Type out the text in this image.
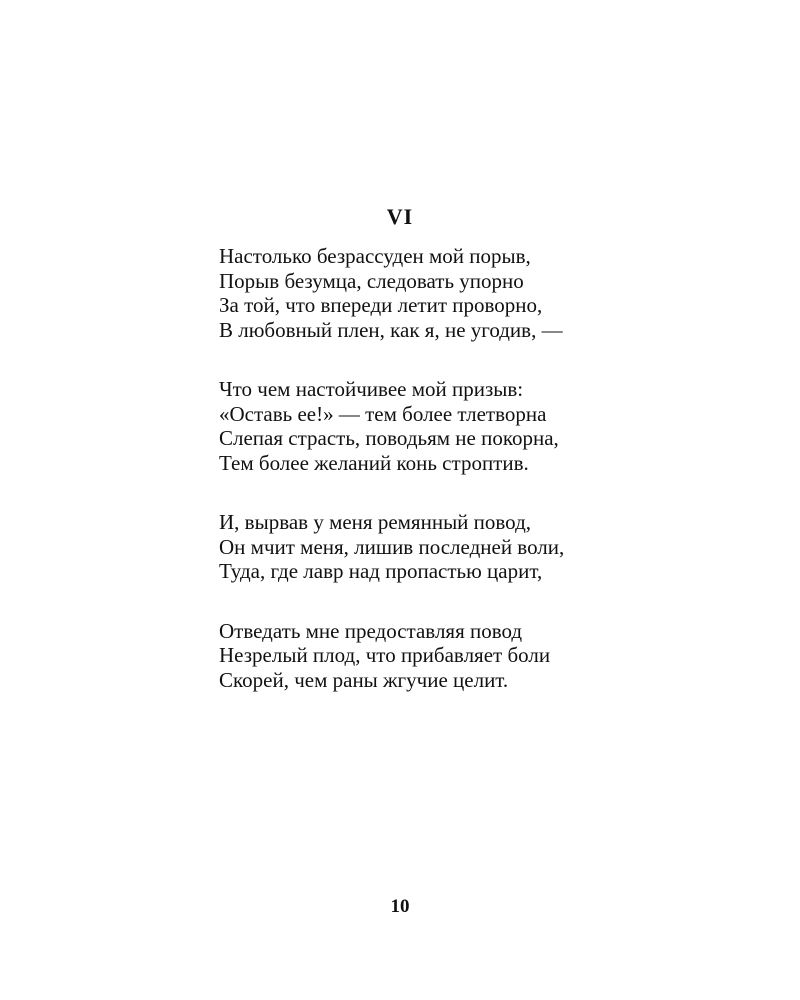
VI
Настолько безрассуден мой порыв,
Порыв безумца, следовать упорно
За той, что впереди летит проворно,
В любовный плен, как я, не угодив, —
Что чем настойчивее мой призыв:
«Оставь ее!» — тем более тлетворна
Слепая страсть, поводьям не покорна,
Тем более желаний конь строптив.
И, вырвав у меня ремянный повод,
Он мчит меня, лишив последней воли,
Туда, где лавр над пропастью царит,
Отведать мне предоставляя повод
Незрелый плод, что прибавляет боли
Скорей, чем раны жгучие целит.
10
